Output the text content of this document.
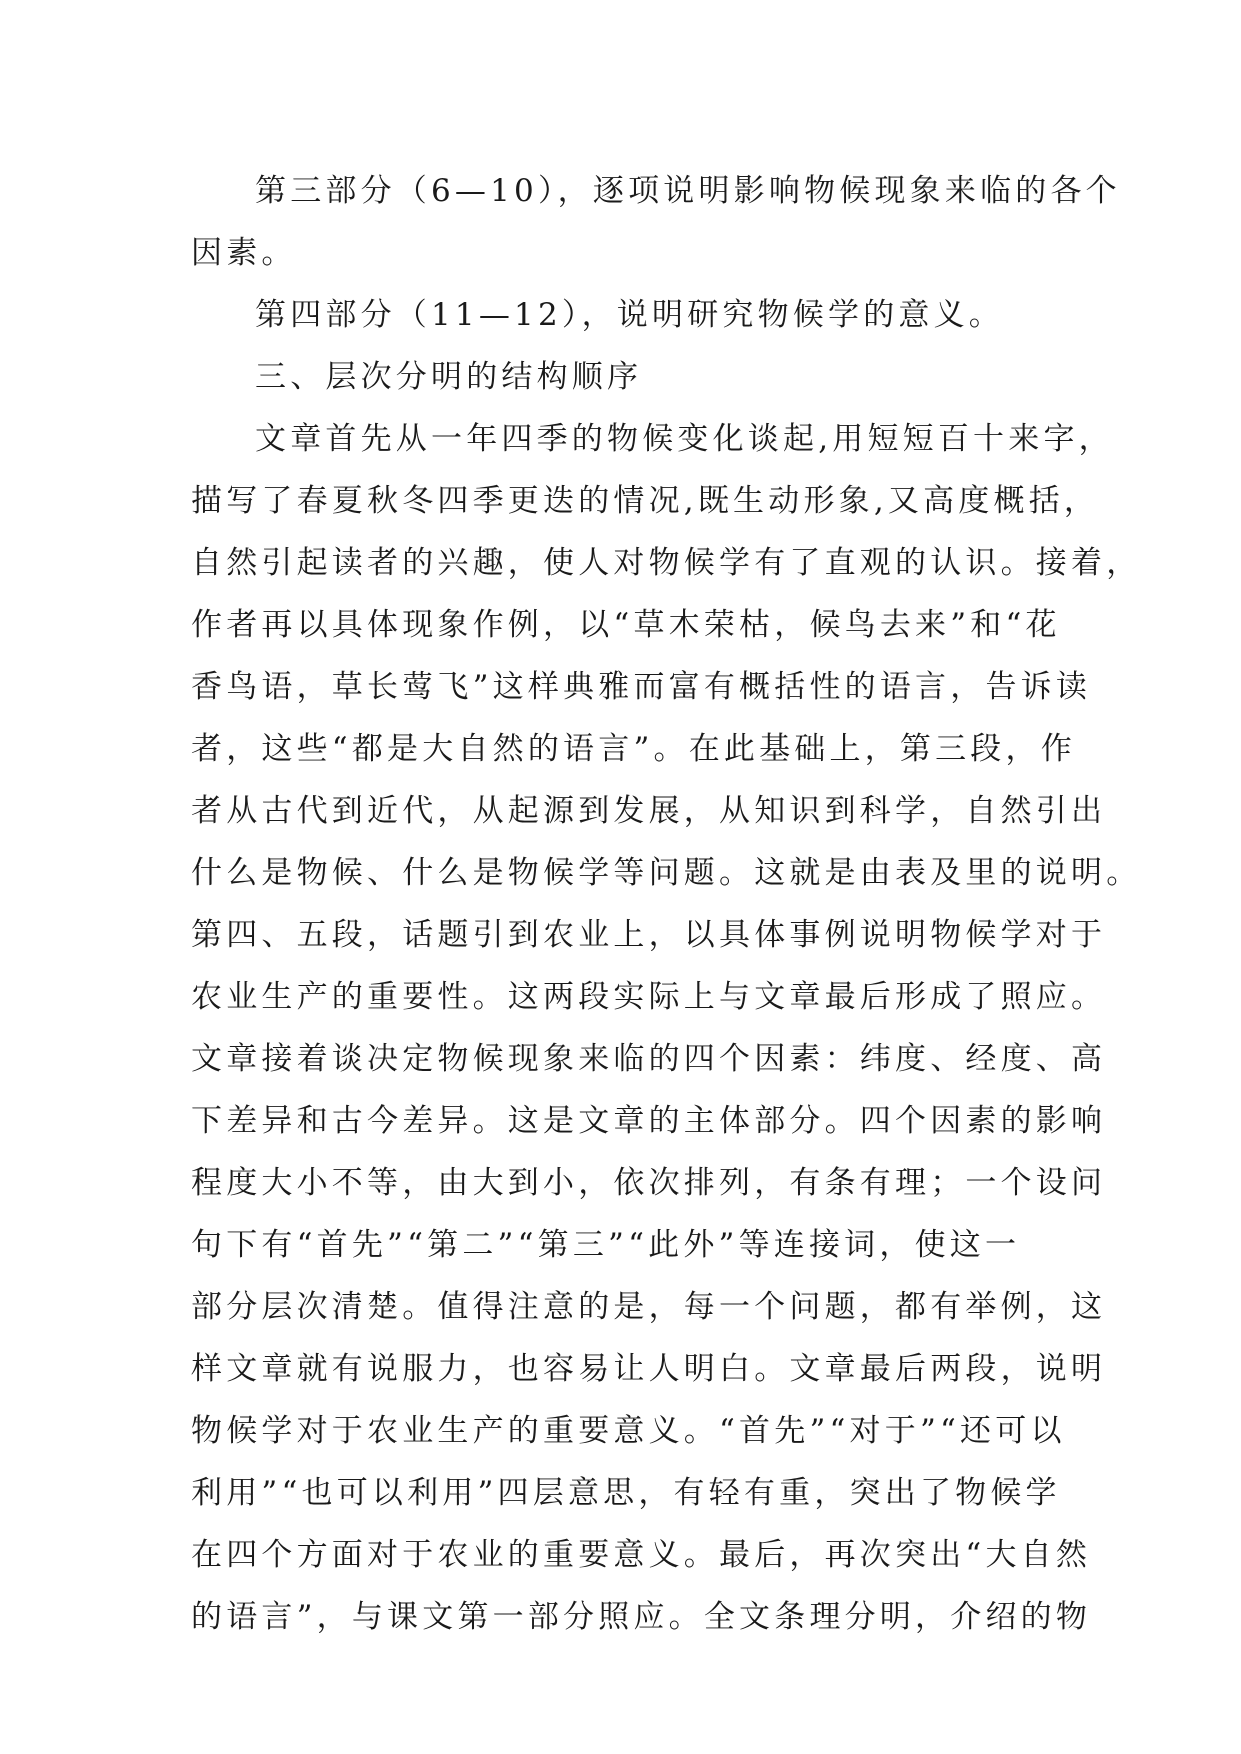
第三部分（6—10），逐项说明影响物候现象来临的各个
因素。
第四部分（11—12），说明研究物候学的意义。
三、层次分明的结构顺序
文章首先从一年四季的物候变化谈起,用短短百十来字，
描写了春夏秋冬四季更迭的情况,既生动形象,又高度概括，
自然引起读者的兴趣，使人对物候学有了直观的认识。接着，
作者再以具体现象作例，以“草木荣枯，候鸟去来”和“花
香鸟语，草长莺飞”这样典雅而富有概括性的语言，告诉读
者，这些“都是大自然的语言”。在此基础上，第三段，作
者从古代到近代，从起源到发展，从知识到科学，自然引出
什么是物候、什么是物候学等问题。这就是由表及里的说明。
第四、五段，话题引到农业上，以具体事例说明物候学对于
农业生产的重要性。这两段实际上与文章最后形成了照应。
文章接着谈决定物候现象来临的四个因素：纬度、经度、高
下差异和古今差异。这是文章的主体部分。四个因素的影响
程度大小不等，由大到小，依次排列，有条有理；一个设问
句下有“首先”“第二”“第三”“此外”等连接词，使这一
部分层次清楚。值得注意的是，每一个问题，都有举例，这
样文章就有说服力，也容易让人明白。文章最后两段，说明
物候学对于农业生产的重要意义。“首先”“对于”“还可以
利用”“也可以利用”四层意思，有轻有重，突出了物候学
在四个方面对于农业的重要意义。最后，再次突出“大自然
的语言”，与课文第一部分照应。全文条理分明，介绍的物
